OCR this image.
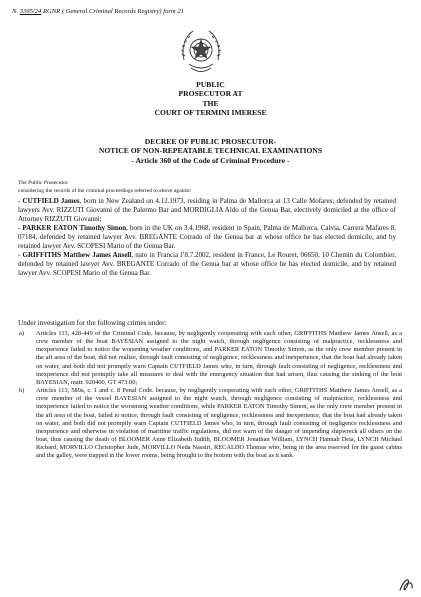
N. 3395/24 RGNR ( General Criminal Records Registry) form 21
PUBLIC
PROSECUTOR AT
THE
COURT OF TERMINI IMERESE
DECREE OF PUBLIC PROSECUTOR-
NOTICE OF NON-REPEATABLE TECHNICAL EXAMINATIONS
- Article 360 of the Code of Criminal Procedure -
The Public Prosecutor
considering the records of the criminal proceedings referred to above against:

- CUTFIELD James, born in New Zealand on 4.12.1973, residing in Palma de Mallorca at 13 Calle Mofares; defended by retained lawyers Avv. RIZZUTI Giovanni of the Palermo Bar and MORDIGLIA Aldo of the Genua Bar, electively domiciled at the office of Attorney RIZZUTI Giovanni;

- PARKER EATON Timothy Simon, born in the UK on 3.4.1968, resident in Spain, Palma de Mallorca, Calvia, Carrera Mafares 8, 07184, defended by retained lawyer Avv. BREGANTE Corrado of the Genua bar at whose office he has elected domicile, and by retained lawyer Avv. SCOPESI Mario of the Genua Bar.

- GRIFFITHS Matthew James Ansell, nato in Francia l’8.7.2002, resident in France, Le Rouret, 06650, 10 Chemin du Colombier, defended by retained lawyer Avv. BREGANTE Corrado of the Genua bar at whose office he has elected domicile, and by retained lawyer Avv. SCOPESI Mario of the Genua Bar.

Under investigation for the following crimes under:
a)	Articles 113, 428-449 of the Criminal Code. because, by negligently cooperating with each other, GRIFFITHS Matthew James Ansell, as a crew member of the boat BAYESIAN assigned to the night watch, through negligence consisting of malpractice, recklessness and inexperience failed to notice the worsening weather conditions, and PARKER EATON Timothy Simon, as the only crew member present in the aft area of the boat, did not realize, through fault consisting of negligence, recklessness and inexperience, that the boat had already taken on water, and both did not promptly warn Captain CUTFIELD James who, in turn, through fault consisting of negligence, recklessness and inexperience did not promptly take all measures to deal with the emergency situation that had arisen, thus causing the sinking of the boat BAYESIAN, matr. 920400, GT 473.00;
b)	Articles 113, 589a, c. 1 and c. 8 Penal Code. because, by negligently cooperating with each other, GRIFFITHS Matthew James Ansell, as a crew member of the vessel BAYESIAN assigned to the night watch, through negligence consisting of malpractice, recklessness and inexperience failed to notice the worsening weather conditions, while PARKER EATON Timothy Simon, as the only crew member present in the aft area of the boat, failed to notice, through fault consisting of negligence, recklessness and inexperience, that the boat had already taken on water, and both did not promptly warn Captain CUTFIELD James who, in turn, through fault consisting of negligence recklessness and inexperience and otherwise in violation of maritime traffic regulations, did not warn of the danger of impending shipwreck all others on the boat, thus causing the death of BLOOMER Anne Elizabeth Judith, BLOOMER Jonathan William, LYNCH Hannah Deia, LYNCH Michael Richard, MORVILLO Christopher Jude, MORVILLO Neda Nassiri, RECALDO Thomas who, being in the area reserved for the guest cabins and the galley, were trapped in the lower rooms, being brought to the bottom with the boat as it sank.
